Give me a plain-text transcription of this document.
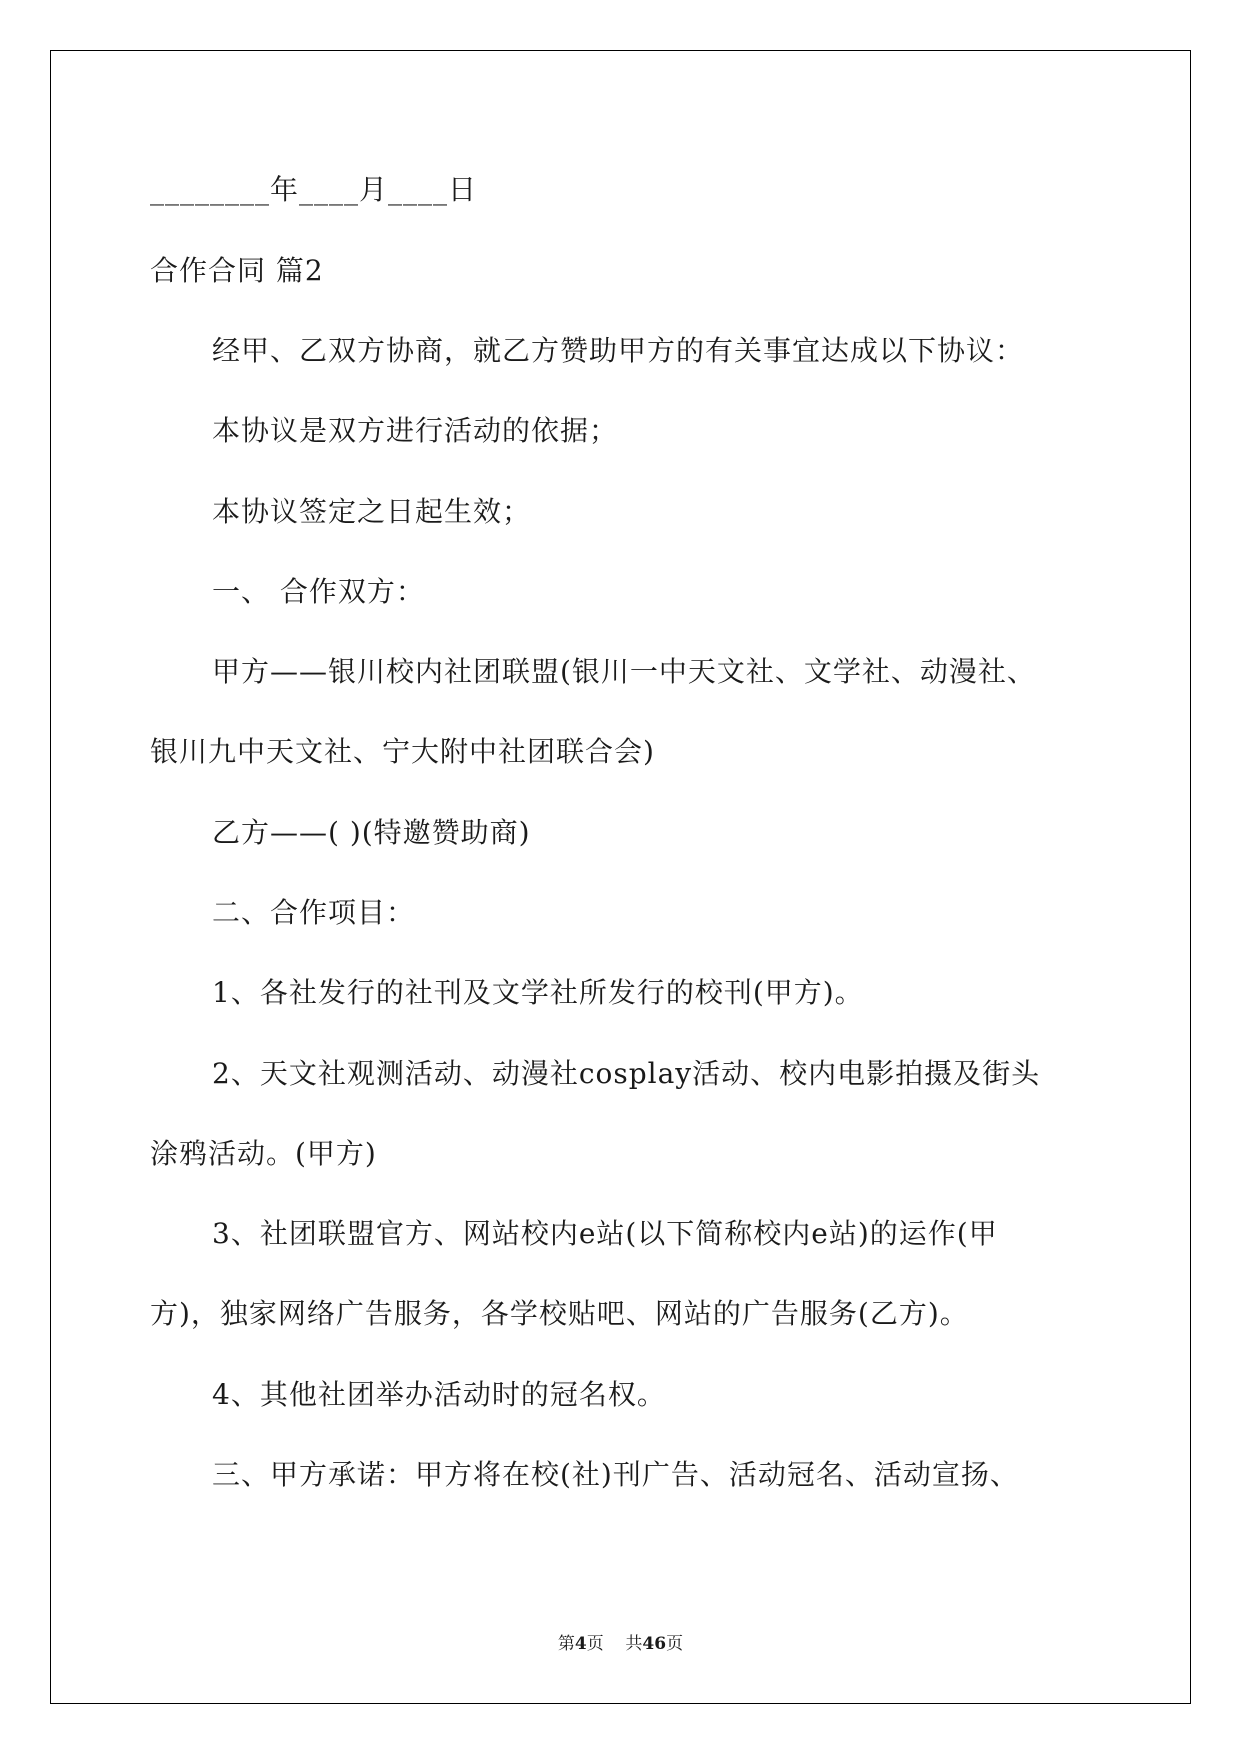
________年____月____日
合作合同 篇2
经甲、乙双方协商，就乙方赞助甲方的有关事宜达成以下协议：
本协议是双方进行活动的依据；
本协议签定之日起生效；
一、 合作双方：
甲方——银川校内社团联盟(银川一中天文社、文学社、动漫社、
银川九中天文社、宁大附中社团联合会)
乙方——( )(特邀赞助商)
二、合作项目：
1、各社发行的社刊及文学社所发行的校刊(甲方)。
2、天文社观测活动、动漫社cosplay活动、校内电影拍摄及街头
涂鸦活动。(甲方)
3、社团联盟官方、网站校内e站(以下简称校内e站)的运作(甲
方)，独家网络广告服务，各学校贴吧、网站的广告服务(乙方)。
4、其他社团举办活动时的冠名权。
三、甲方承诺：甲方将在校(社)刊广告、活动冠名、活动宣扬、
第4页 共46页
